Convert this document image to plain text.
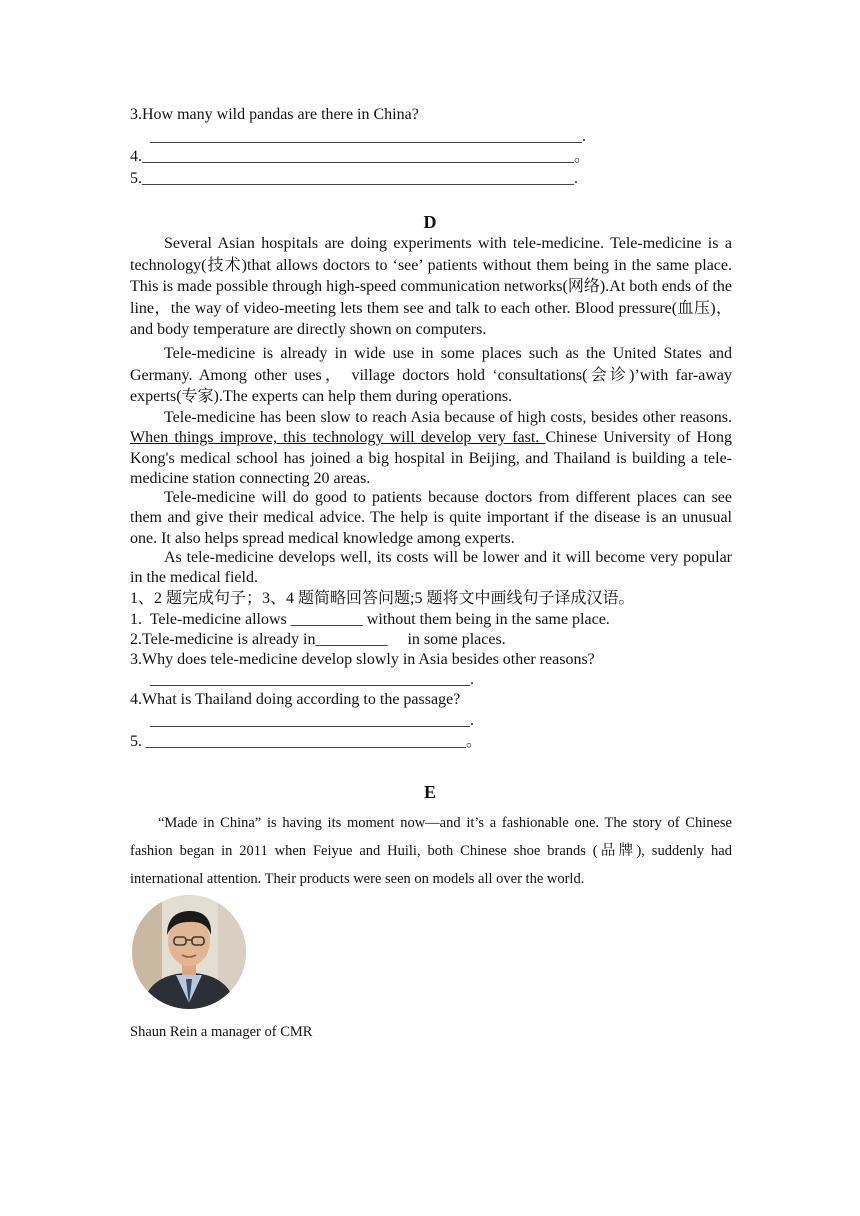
3.How many wild pandas are there in China?
______________________________________________________.
4.______________________________________________________。
5.______________________________________________________.
D
Several Asian hospitals are doing experiments with tele-medicine. Tele-medicine is a technology(技术)that allows doctors to ‘see’ patients without them being in the same place. This is made possible through high-speed communication networks(网络).At both ends of the line，the way of video-meeting lets them see and talk to each other. Blood pressure(血压)，and body temperature are directly shown on computers.
Tele-medicine is already in wide use in some places such as the United States and Germany. Among other uses， village doctors hold ‘consultations(会诊)’with far-away experts(专家).The experts can help them during operations.
Tele-medicine has been slow to reach Asia because of high costs, besides other reasons. When things improve, this technology will develop very fast. Chinese University of Hong Kong's medical school has joined a big hospital in Beijing, and Thailand is building a tele-medicine station connecting 20 areas.
Tele-medicine will do good to patients because doctors from different places can see them and give their medical advice. The help is quite important if the disease is an unusual one. It also helps spread medical knowledge among experts.
As tele-medicine develops well, its costs will be lower and it will become very popular in the medical field.
1、2 题完成句子；3、4 题简略回答问题;5 题将文中画线句子译成汉语。
1.  Tele-medicine allows _________ without them being in the same place.
2.Tele-medicine is already in_________     in some places.
3.Why does tele-medicine develop slowly in Asia besides other reasons?
________________________________________.
4.What is Thailand doing according to the passage?
________________________________________.
5. ________________________________________。
E
“Made in China” is having its moment now—and it’s a fashionable one. The story of Chinese fashion began in 2011 when Feiyue and Huili, both Chinese shoe brands (品牌), suddenly had international attention. Their products were seen on models all over the world.
Shaun Rein a manager of CMR
